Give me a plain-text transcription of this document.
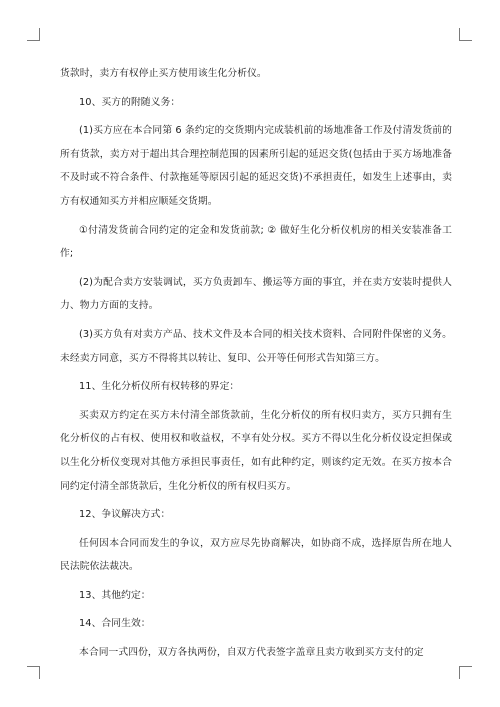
货款时，卖方有权停止买方使用该生化分析仪。

10、买方的附随义务：

(1)买方应在本合同第 6 条约定的交货期内完成装机前的场地准备工作及付清发货前的所有货款，卖方对于超出其合理控制范围的因素所引起的延迟交货(包括由于买方场地准备不及时或不符合条件、付款拖延等原因引起的延迟交货)不承担责任，如发生上述事由，卖方有权通知买方并相应顺延交货期。

①付清发货前合同约定的定金和发货前款; ② 做好生化分析仪机房的相关安装准备工作;

(2)为配合卖方安装调试，买方负责卸车、搬运等方面的事宜，并在卖方安装时提供人力、物力方面的支持。

(3)买方负有对卖方产品、技术文件及本合同的相关技术资料、合同附件保密的义务。未经卖方同意，买方不得将其以转让、复印、公开等任何形式告知第三方。

11、生化分析仪所有权转移的界定：

买卖双方约定在买方未付清全部货款前，生化分析仪的所有权归卖方，买方只拥有生化分析仪的占有权、使用权和收益权，不享有处分权。买方不得以生化分析仪设定担保或以生化分析仪变现对其他方承担民事责任，如有此种约定，则该约定无效。在买方按本合同约定付清全部货款后，生化分析仪的所有权归买方。

12、争议解决方式：

任何因本合同而发生的争议，双方应尽先协商解决，如协商不成，选择原告所在地人民法院依法裁决。

13、其他约定：

14、合同生效：

本合同一式四份，双方各执两份，自双方代表签字盖章且卖方收到买方支付的定
